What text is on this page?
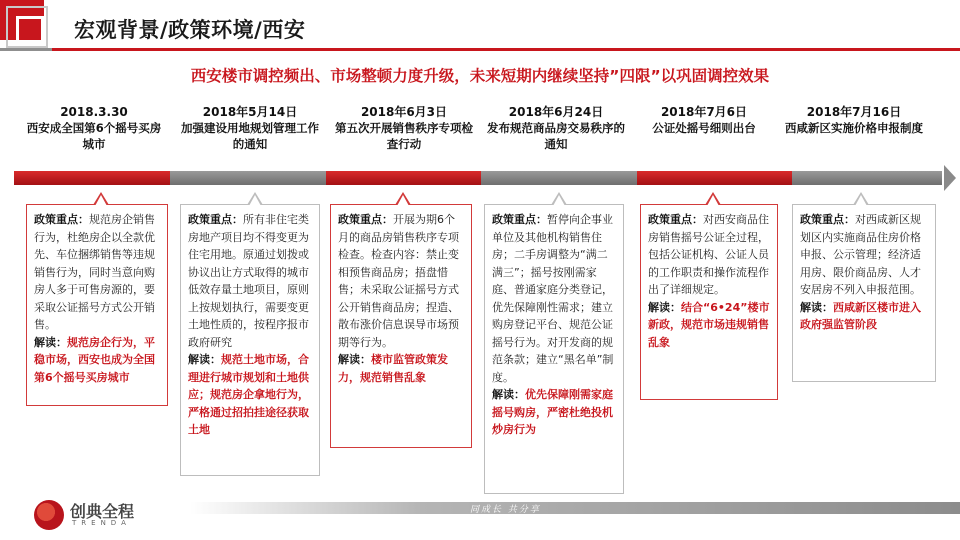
宏观背景/政策环境/西安
西安楼市调控频出、市场整顿力度升级，未来短期内继续坚持”四限”以巩固调控效果
2018.3.30
西安成全国第6个摇号买房城市
2018年5月14日
加强建设用地规划管理工作的通知
2018年6月3日
第五次开展销售秩序专项检查行动
2018年6月24日
发布规范商品房交易秩序的通知
2018年7月6日
公证处摇号细则出台
2018年7月16日
西咸新区实施价格申报制度
政策重点：规范房企销售行为，杜绝房企以全款优先、车位捆绑销售等违规销售行为，同时当意向购房人多于可售房源的，要采取公证摇号方式公开销售。
解读：规范房企行为，平稳市场，西安也成为全国第6个摇号买房城市
政策重点：所有非住宅类房地产项目均不得变更为住宅用地。原通过划拨或协议出让方式取得的城市低效存量土地项目，原则上按规划执行，需要变更土地性质的，按程序报市政府研究
解读：规范土地市场，合理进行城市规划和土地供应；规范房企拿地行为，严格通过招拍挂途径获取土地
政策重点：开展为期6个月的商品房销售秩序专项检查。检查内容：禁止变相预售商品房；捂盘惜售；未采取公证摇号方式公开销售商品房；捏造、散布涨价信息误导市场预期等行为。
解读：楼市监管政策发力，规范销售乱象
政策重点：暂停向企事业单位及其他机构销售住房；二手房调整为“满二满三”；摇号按刚需家庭、普通家庭分类登记，优先保障刚性需求；建立购房登记平台、规范公证摇号行为。对开发商的规范条款；建立“黑名单”制度。
解读：优先保障刚需家庭摇号购房，严密杜绝投机炒房行为
政策重点：对西安商品住房销售摇号公证全过程，包括公证机构、公证人员的工作职责和操作流程作出了详细规定。
解读：结合“6•24”楼市新政，规范市场违规销售乱象
政策重点：对西咸新区规划区内实施商品住房价格申报、公示管理；经济适用房、限价商品房、人才安居房不列入申报范围。
解读：西咸新区楼市进入政府强监管阶段
同成长 共分享
创典全程
TRENDA
